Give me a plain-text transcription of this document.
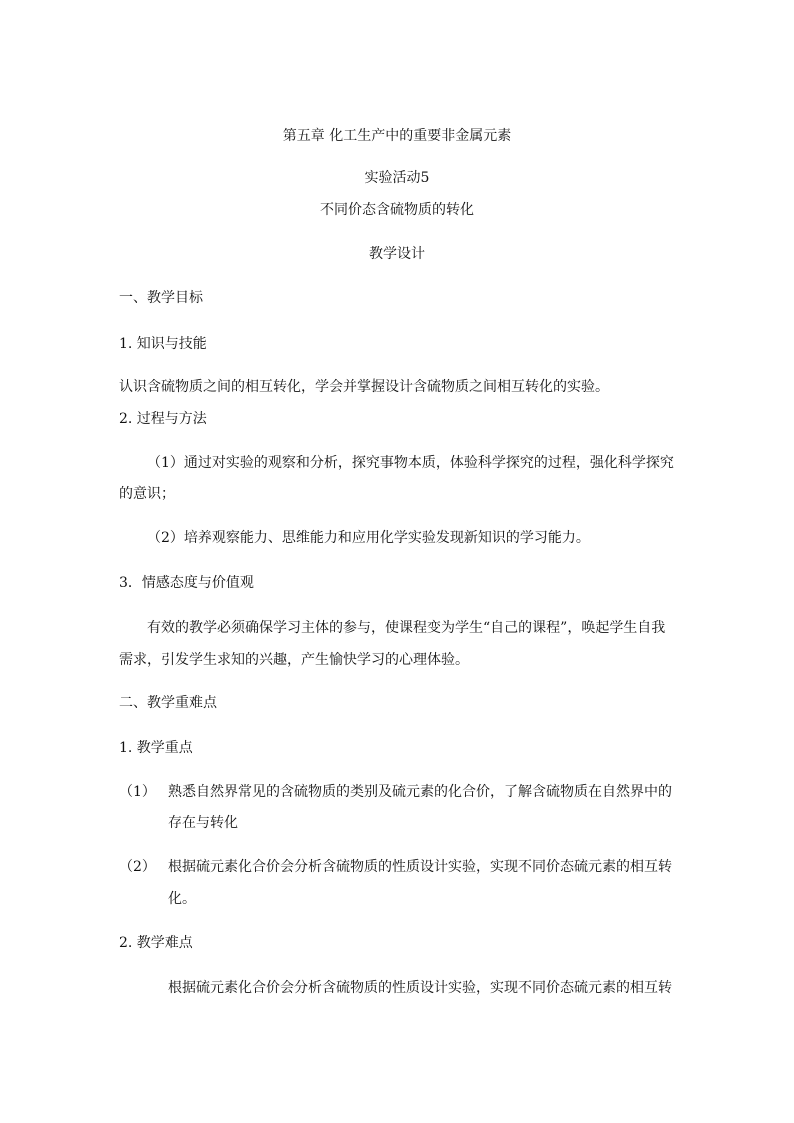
第五章 化工生产中的重要非金属元素
实验活动5
不同价态含硫物质的转化
教学设计
一、教学目标
1. 知识与技能
认识含硫物质之间的相互转化，学会并掌握设计含硫物质之间相互转化的实验。
2. 过程与方法
（1）通过对实验的观察和分析，探究事物本质，体验科学探究的过程，强化科学探究
的意识；
（2）培养观察能力、思维能力和应用化学实验发现新知识的学习能力。
3．情感态度与价值观
有效的教学必须确保学习主体的参与，使课程变为学生“自己的课程”，唤起学生自我
需求，引发学生求知的兴趣，产生愉快学习的心理体验。
二、教学重难点
1. 教学重点
（1） 熟悉自然界常见的含硫物质的类别及硫元素的化合价，了解含硫物质在自然界中的
存在与转化
（2） 根据硫元素化合价会分析含硫物质的性质设计实验，实现不同价态硫元素的相互转
化。
2. 教学难点
根据硫元素化合价会分析含硫物质的性质设计实验，实现不同价态硫元素的相互转
